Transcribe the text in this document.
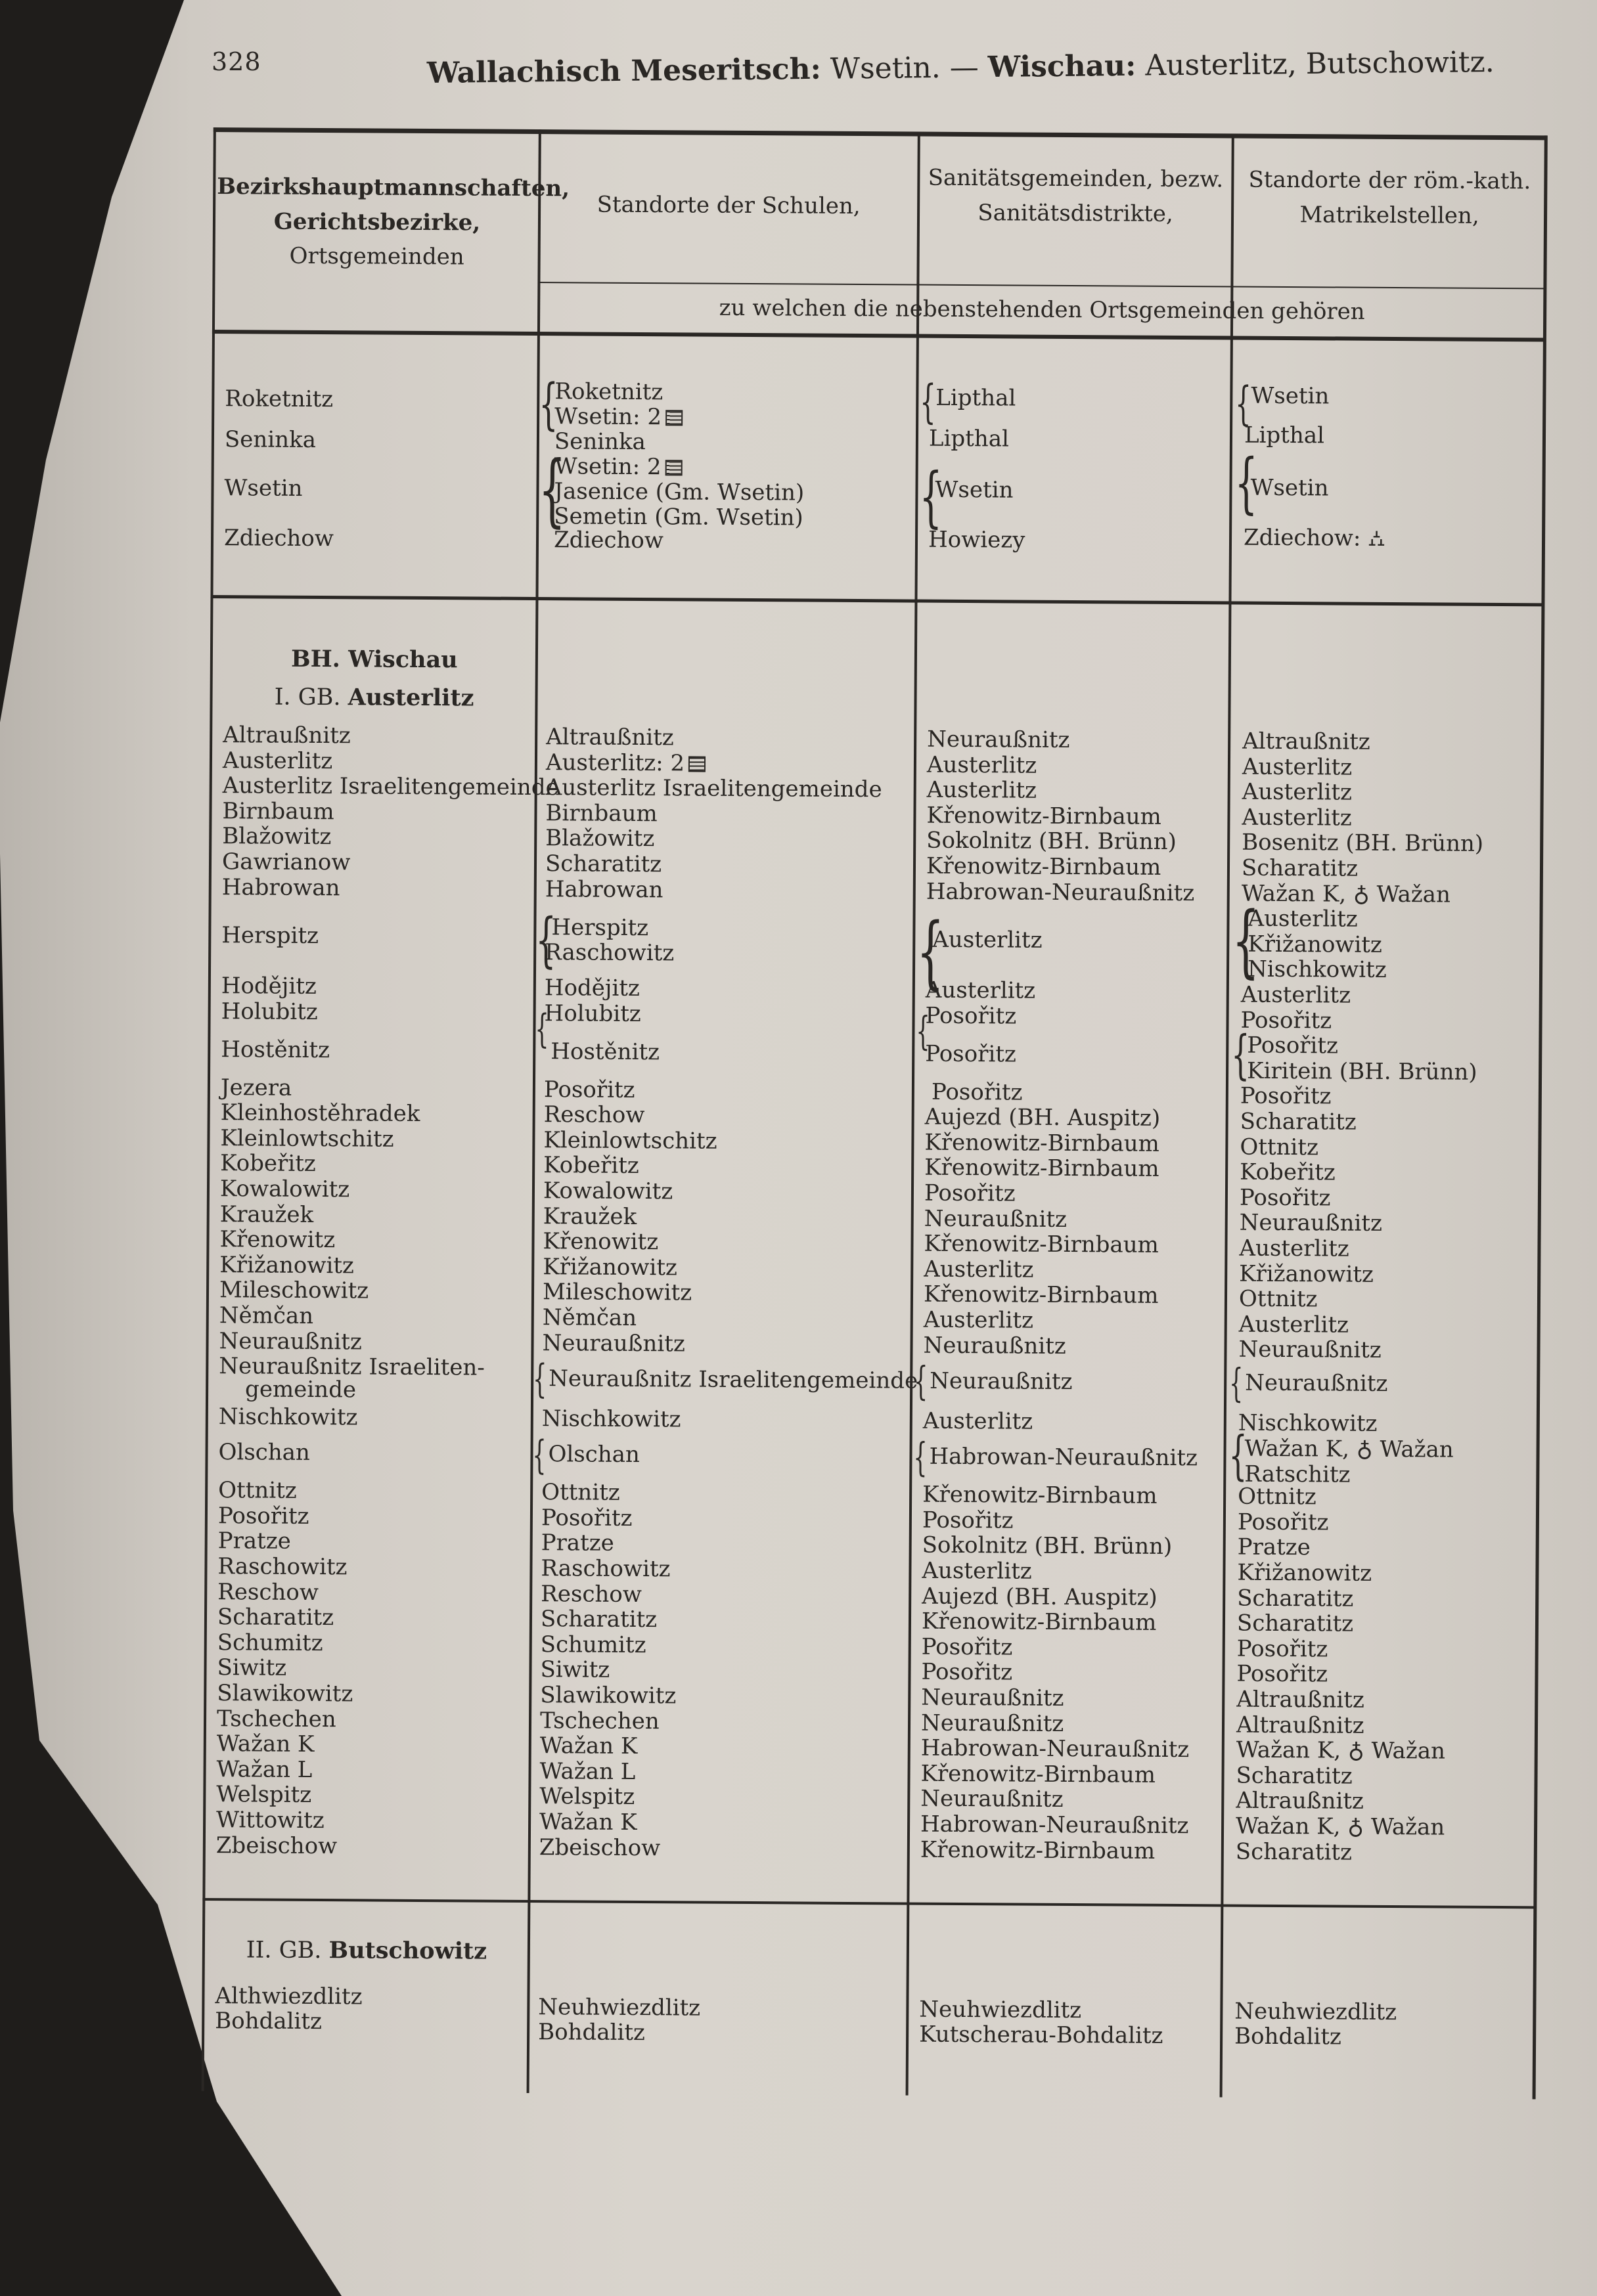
328	Wallachisch Meseritsch: Wsetin. — Wischau: Austerlitz, Butschowitz.
Bezirkshauptmannschaften,
Gerichtsbezirke,
Ortsgemeinden
Standorte der Schulen,
Sanitätsgemeinden, bezw.
Sanitätsdistrikte,
Standorte der röm.-kath.
Matrikelstellen,
zu welchen die nebenstehenden Ortsgemeinden gehören
BH. Wischau
I. GB. Austerlitz
II. GB. Butschowitz
Roketnitz
Seninka
Wsetin
Zdiechow
Roketnitz
Wsetin: 2
Seninka
Wsetin: 2
Jasenice (Gm. Wsetin)
Semetin (Gm. Wsetin)
Zdiechow
Lipthal
Lipthal
Wsetin
Howiezy
Wsetin
Lipthal
Wsetin
Zdiechow: ⛼
{
{
{
{
{
{
Altraußnitz
Austerlitz
Austerlitz Israelitengemeinde
Birnbaum
Blažowitz
Gawrianow
Habrowan
Herspitz
Hodějitz
Holubitz
Hostěnitz
Jezera
Kleinhostěhradek
Kleinlowtschitz
Kobeřitz
Kowalowitz
Kraužek
Křenowitz
Křižanowitz
Mileschowitz
Němčan
Neuraußnitz
Neuraußnitz Israeliten-
gemeinde
Nischkowitz
Olschan
Ottnitz
Posořitz
Pratze
Raschowitz
Reschow
Scharatitz
Schumitz
Siwitz
Slawikowitz
Tschechen
Wažan K
Wažan L
Welspitz
Wittowitz
Zbeischow
Altraußnitz
Austerlitz: 2
Austerlitz Israelitengemeinde
Birnbaum
Blažowitz
Scharatitz
Habrowan
Herspitz
Raschowitz
Hodějitz
Holubitz
Hostěnitz
Posořitz
Reschow
Kleinlowtschitz
Kobeřitz
Kowalowitz
Kraužek
Křenowitz
Křižanowitz
Mileschowitz
Němčan
Neuraußnitz
Neuraußnitz Israelitengemeinde
Nischkowitz
Olschan
Ottnitz
Posořitz
Pratze
Raschowitz
Reschow
Scharatitz
Schumitz
Siwitz
Slawikowitz
Tschechen
Wažan K
Wažan L
Welspitz
Wažan K
Zbeischow
Neuraußnitz
Austerlitz
Austerlitz
Křenowitz-Birnbaum
Sokolnitz (BH. Brünn)
Křenowitz-Birnbaum
Habrowan-Neuraußnitz
Austerlitz
Austerlitz
Posořitz
Posořitz
Posořitz
Aujezd (BH. Auspitz)
Křenowitz-Birnbaum
Křenowitz-Birnbaum
Posořitz
Neuraußnitz
Křenowitz-Birnbaum
Austerlitz
Křenowitz-Birnbaum
Austerlitz
Neuraußnitz
Neuraußnitz
Austerlitz
Habrowan-Neuraußnitz
Křenowitz-Birnbaum
Posořitz
Sokolnitz (BH. Brünn)
Austerlitz
Aujezd (BH. Auspitz)
Křenowitz-Birnbaum
Posořitz
Posořitz
Neuraußnitz
Neuraußnitz
Habrowan-Neuraußnitz
Křenowitz-Birnbaum
Neuraußnitz
Habrowan-Neuraußnitz
Křenowitz-Birnbaum
Altraußnitz
Austerlitz
Austerlitz
Austerlitz
Bosenitz (BH. Brünn)
Scharatitz
Wažan K, ♁ Wažan
Austerlitz
Křižanowitz
Nischkowitz
Austerlitz
Posořitz
Posořitz
Kiritein (BH. Brünn)
Posořitz
Scharatitz
Ottnitz
Kobeřitz
Posořitz
Neuraußnitz
Austerlitz
Křižanowitz
Ottnitz
Austerlitz
Neuraußnitz
Neuraußnitz
Nischkowitz
Wažan K, ♁ Wažan
Ratschitz
Ottnitz
Posořitz
Pratze
Křižanowitz
Scharatitz
Scharatitz
Posořitz
Posořitz
Altraußnitz
Altraußnitz
Wažan K, ♁ Wažan
Scharatitz
Altraußnitz
Wažan K, ♁ Wažan
Scharatitz
{
{
{
{
{
{
{
{
{
{
{
{
Althwiezdlitz
Bohdalitz	Neuhwiezdlitz
Bohdalitz
Neuhwiezdlitz
Kutscherau-Bohdalitz
Neuhwiezdlitz
Bohdalitz
